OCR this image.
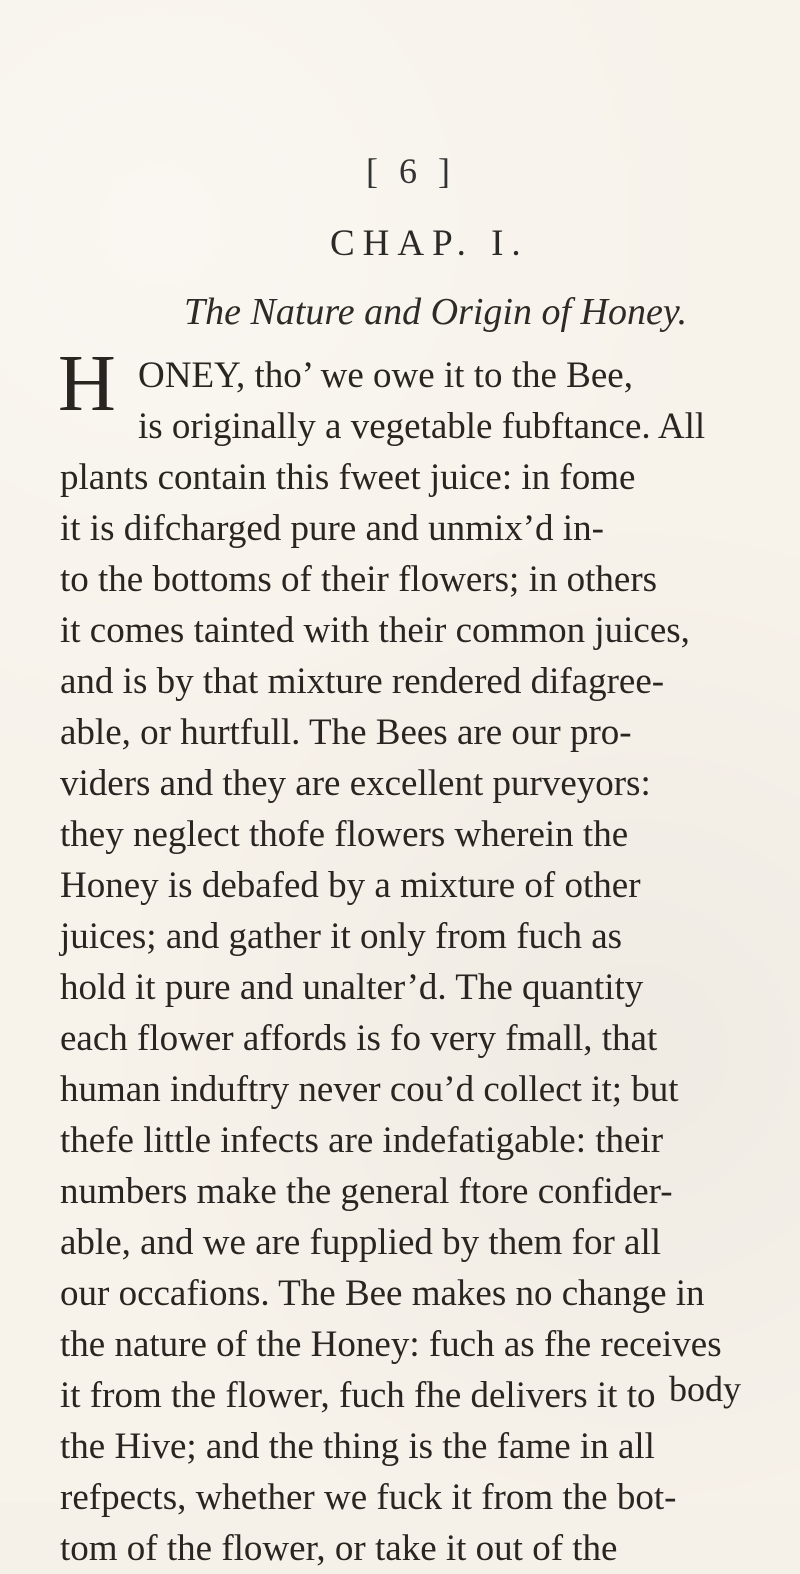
[ 6 ]
CHAP. I.
The Nature and Origin of Honey.
H ONEY, tho’ we owe it to the Bee,
is originally a vegetable fubftance. All
plants contain this fweet juice: in fome
it is difcharged pure and unmix’d in-
to the bottoms of their flowers; in others
it comes tainted with their common juices,
and is by that mixture rendered difagree-
able, or hurtfull. The Bees are our pro-
viders and they are excellent purveyors:
they neglect thofe flowers wherein the
Honey is debafed by a mixture of other
juices; and gather it only from fuch as
hold it pure and unalter’d. The quantity
each flower affords is fo very fmall, that
human induftry never cou’d collect it; but
thefe little infects are indefatigable: their
numbers make the general ftore confider-
able, and we are fupplied by them for all
our occafions. The Bee makes no change in
the nature of the Honey: fuch as fhe receives
it from the flower, fuch fhe delivers it to
the Hive; and the thing is the fame in all
refpects, whether we fuck it from the bot-
tom of the flower, or take it out of the
body
